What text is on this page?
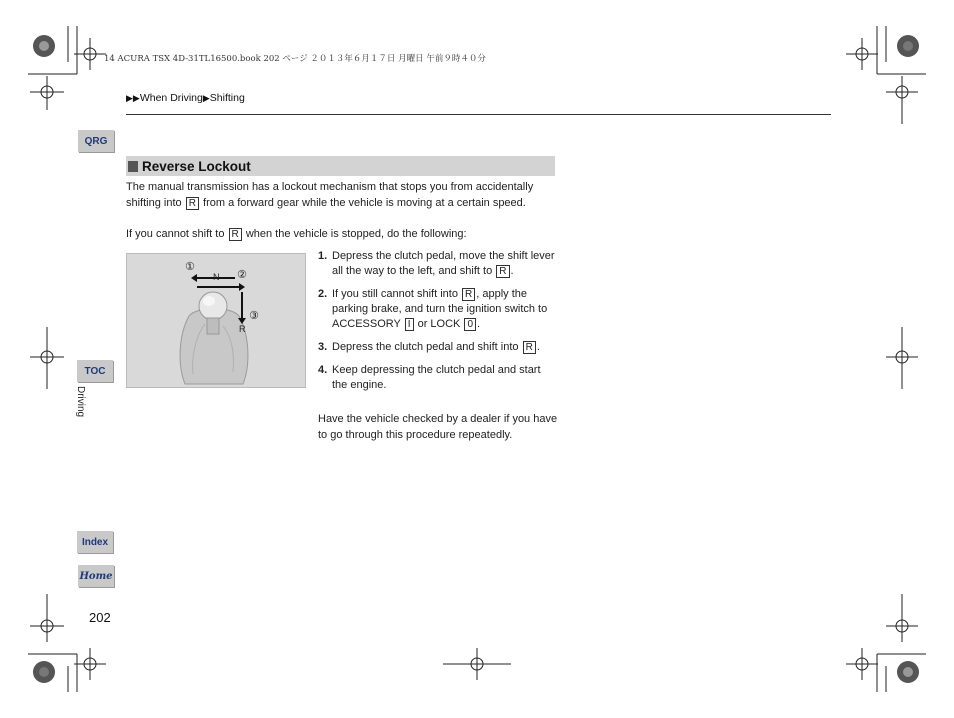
14 ACURA TSX 4D-31TL16500.book 202 ページ ２０１３年６月１７日 月曜日 午前９時４０分
▶▶When Driving▶Shifting
QRG
TOC
Driving
Index
Home
Reverse Lockout
The manual transmission has a lockout mechanism that stops you from accidentally shifting into R from a forward gear while the vehicle is moving at a certain speed.
If you cannot shift to R when the vehicle is stopped, do the following:
①
N ②
③
R
1. Depress the clutch pedal, move the shift lever all the way to the left, and shift to R .
2. If you still cannot shift into R , apply the parking brake, and turn the ignition switch to ACCESSORY I or LOCK 0 .
3. Depress the clutch pedal and shift into R .
4. Keep depressing the clutch pedal and start the engine.
Have the vehicle checked by a dealer if you have to go through this procedure repeatedly.
202
